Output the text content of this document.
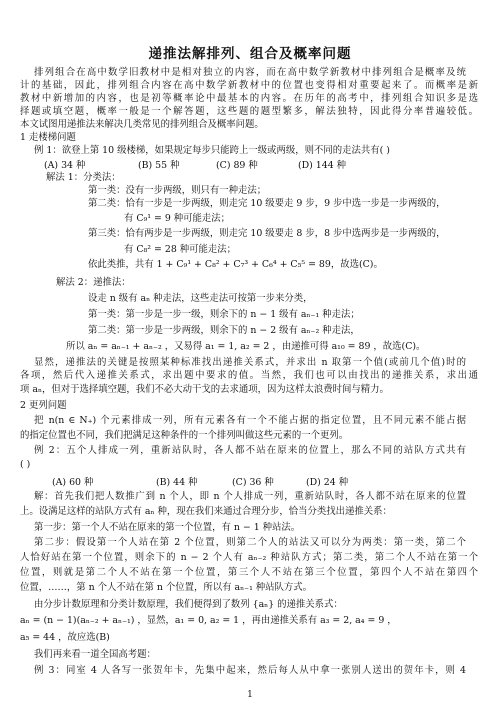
递推法解排列、组合及概率问题
排列组合在高中数学旧教材中是相对独立的内容，而在高中数学新教材中排列组合是概率及统
计的基础，因此，排列组合内容在高中数学新教材中的位置也变得相对重要起来了。而概率是新
教材中新增加的内容，也是初等概率论中最基本的内容。在历年的高考中，排列组合知识多是选
择题或填空题，概率一般是一个解答题，这些题的题型繁多，解法独特，因此得分率普遍较低。
本文试图用递推法来解决几类常见的排列组合及概率问题。
1 走楼梯问题
例 1：欲登上第 10 级楼梯，如果规定每步只能跨上一级或两级，则不同的走法共有( )
(A) 34 种	(B) 55 种	(C) 89 种	(D) 144 种
解法 1：分类法：
第一类：没有一步两级，则只有一种走法；
第二类：恰有一步是一步两级，则走完 10 级要走 9 步，9 步中选一步是一步两级的，
有 C₉¹ = 9 种可能走法；
第三类：恰有两步是一步两级，则走完 10 级要走 8 步，8 步中选两步是一步两级的，
有 C₈² = 28 种可能走法；
依此类推，共有 1 + C₉¹ + C₈² + C₇³ + C₆⁴ + C₅⁵ = 89，故选(C)。
解法 2：递推法：
设走 n 级有 aₙ 种走法，这些走法可按第一步来分类，
第一类：第一步是一步一级，则余下的 n − 1 级有 aₙ₋₁ 种走法；
第二类：第一步是一步两级，则余下的 n − 2 级有 aₙ₋₂ 种走法，
所以 aₙ = aₙ₋₁ + aₙ₋₂ ，又易得 a₁ = 1, a₂ = 2 ，由递推可得 a₁₀ = 89 ，故选(C)。
显然，递推法的关键是按照某种标准找出递推关系式，并求出 n 取第一个值(或前几个值)时的
各项，然后代入递推关系式，求出题中要求的值。当然，我们也可以由找出的递推关系，求出通
项 aₙ，但对于选择填空题，我们不必大动干戈的去求通项，因为这样太浪费时间与精力。
2 更列问题
把 n(n ∈ N₊) 个元素排成一列，所有元素各有一个不能占据的指定位置，且不同元素不能占据
的指定位置也不同，我们把满足这种条件的一个排列叫做这些元素的一个更列。
例 2：五个人排成一列，重新站队时，各人都不站在原来的位置上，那么不同的站队方式共有
( )
(A) 60 种	(B) 44 种	(C) 36 种	(D) 24 种
解：首先我们把人数推广到 n 个人，即 n 个人排成一列，重新站队时，各人都不站在原来的位置
上。设满足这样的站队方式有 aₙ 种，现在我们来通过合理分步，恰当分类找出递推关系：
第一步：第一个人不站在原来的第一个位置，有 n − 1 种站法。
第二步：假设第一个人站在第 2 个位置，则第二个人的站法又可以分为两类：第一类，第二个
人恰好站在第一个位置，则余下的 n − 2 个人有 aₙ₋₂ 种站队方式；第二类，第二个人不站在第一个
位置，则就是第二个人不站在第一个位置，第三个人不站在第三个位置，第四个人不站在第四个
位置，……，第 n 个人不站在第 n 个位置，所以有 aₙ₋₁ 种站队方式。
由分步计数原理和分类计数原理，我们便得到了数列 {aₙ} 的递推关系式：
aₙ = (n − 1)(aₙ₋₂ + aₙ₋₁) ，显然，a₁ = 0, a₂ = 1 ，再由递推关系有 a₃ = 2, a₄ = 9 ，
a₅ = 44 ，故应选(B)
我们再来看一道全国高考题：
例 3：同室 4 人各写一张贺年卡，先集中起来，然后每人从中拿一张别人送出的贺年卡，则 4
1
